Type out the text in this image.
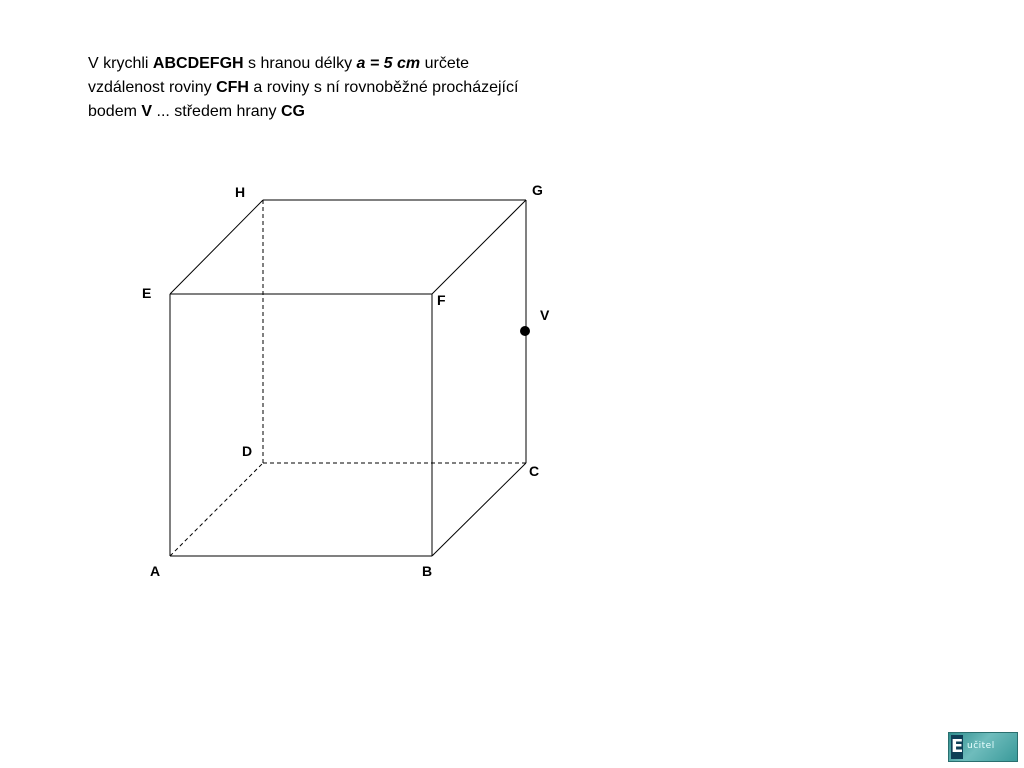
V krychli ABCDEFGH s hranou délky a = 5 cm určete
vzdálenost roviny CFH a roviny s ní rovnoběžné procházející
bodem V ... středem hrany CG
A	B
C
D
E	F
G
H
V
E učitel
